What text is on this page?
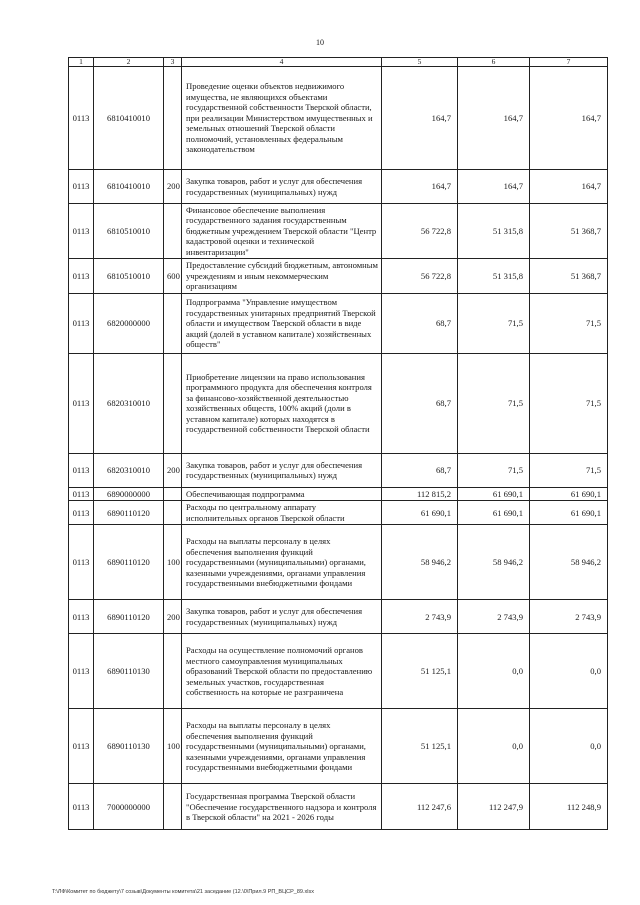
10
1	2	3	4	5	6	7
0113	6810410010		Проведение оценки объектов недвижимого имущества, не являющихся объектами государственной собственности Тверской области, при реализации Министерством имущественных и земельных отношений Тверской области полномочий, установленных федеральным законодательством	164,7	164,7	164,7
0113	6810410010	200	Закупка товаров, работ и услуг для обеспечения государственных (муниципальных) нужд	164,7	164,7	164,7
0113	6810510010		Финансовое обеспечение выполнения государственного задания государственным бюджетным учреждением Тверской области "Центр кадастровой оценки и технической инвентаризации"	56 722,8	51 315,8	51 368,7
0113	6810510010	600	Предоставление субсидий бюджетным, автономным учреждениям и иным некоммерческим организациям	56 722,8	51 315,8	51 368,7
0113	6820000000		Подпрограмма "Управление имуществом государственных унитарных предприятий Тверской области и имуществом Тверской области в виде акций (долей в уставном капитале) хозяйственных обществ"	68,7	71,5	71,5
0113	6820310010		Приобретение лицензии на право использования программного продукта для обеспечения контроля за финансово-хозяйственной деятельностью хозяйственных обществ, 100% акций (доли в уставном капитале) которых находятся в государственной собственности Тверской области	68,7	71,5	71,5
0113	6820310010	200	Закупка товаров, работ и услуг для обеспечения государственных (муниципальных) нужд	68,7	71,5	71,5
0113	6890000000		Обеспечивающая подпрограмма	112 815,2	61 690,1	61 690,1
0113	6890110120		Расходы по центральному аппарату исполнительных органов Тверской области	61 690,1	61 690,1	61 690,1
0113	6890110120	100	Расходы на выплаты персоналу в целях обеспечения выполнения функций государственными (муниципальными) органами, казенными учреждениями, органами управления государственными внебюджетными фондами	58 946,2	58 946,2	58 946,2
0113	6890110120	200	Закупка товаров, работ и услуг для обеспечения государственных (муниципальных) нужд	2 743,9	2 743,9	2 743,9
0113	6890110130		Расходы на осуществление полномочий органов местного самоуправления муниципальных образований Тверской области по предоставлению земельных участков, государственная собственность на которые не разграничена	51 125,1	0,0	0,0
0113	6890110130	100	Расходы на выплаты персоналу в целях обеспечения выполнения функций государственными (муниципальными) органами, казенными учреждениями, органами управления государственными внебюджетными фондами	51 125,1	0,0	0,0
0113	7000000000		Государственная программа Тверской области "Обеспечение государственного надзора и контроля в Тверской области" на 2021 - 2026 годы	112 247,6	112 247,9	112 248,9
T:\ЛФ\Комитет по бюджету\7 созыв\Документы комитета\21 заседание (12.\0\Прил.9 РП_ВЦСР_89.xlsx
